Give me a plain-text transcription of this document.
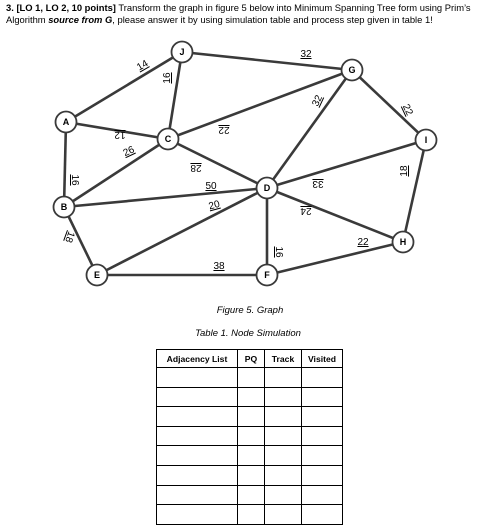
3. [LO 1, LO 2, 10 points] Transform the graph in figure 5 below into Minimum Spanning Tree form using Prim’s Algorithm source from G, please answer it by using simulation table and process step given in table 1!
14
12
16
16
32
22
26
28
50
18
20
38
32
33
24
16
22
18
22
A
B
C
D
E	F
G
H
I
J
Figure 5. Graph
Table 1. Node Simulation
Adjacency List	PQ	Track	Visited
